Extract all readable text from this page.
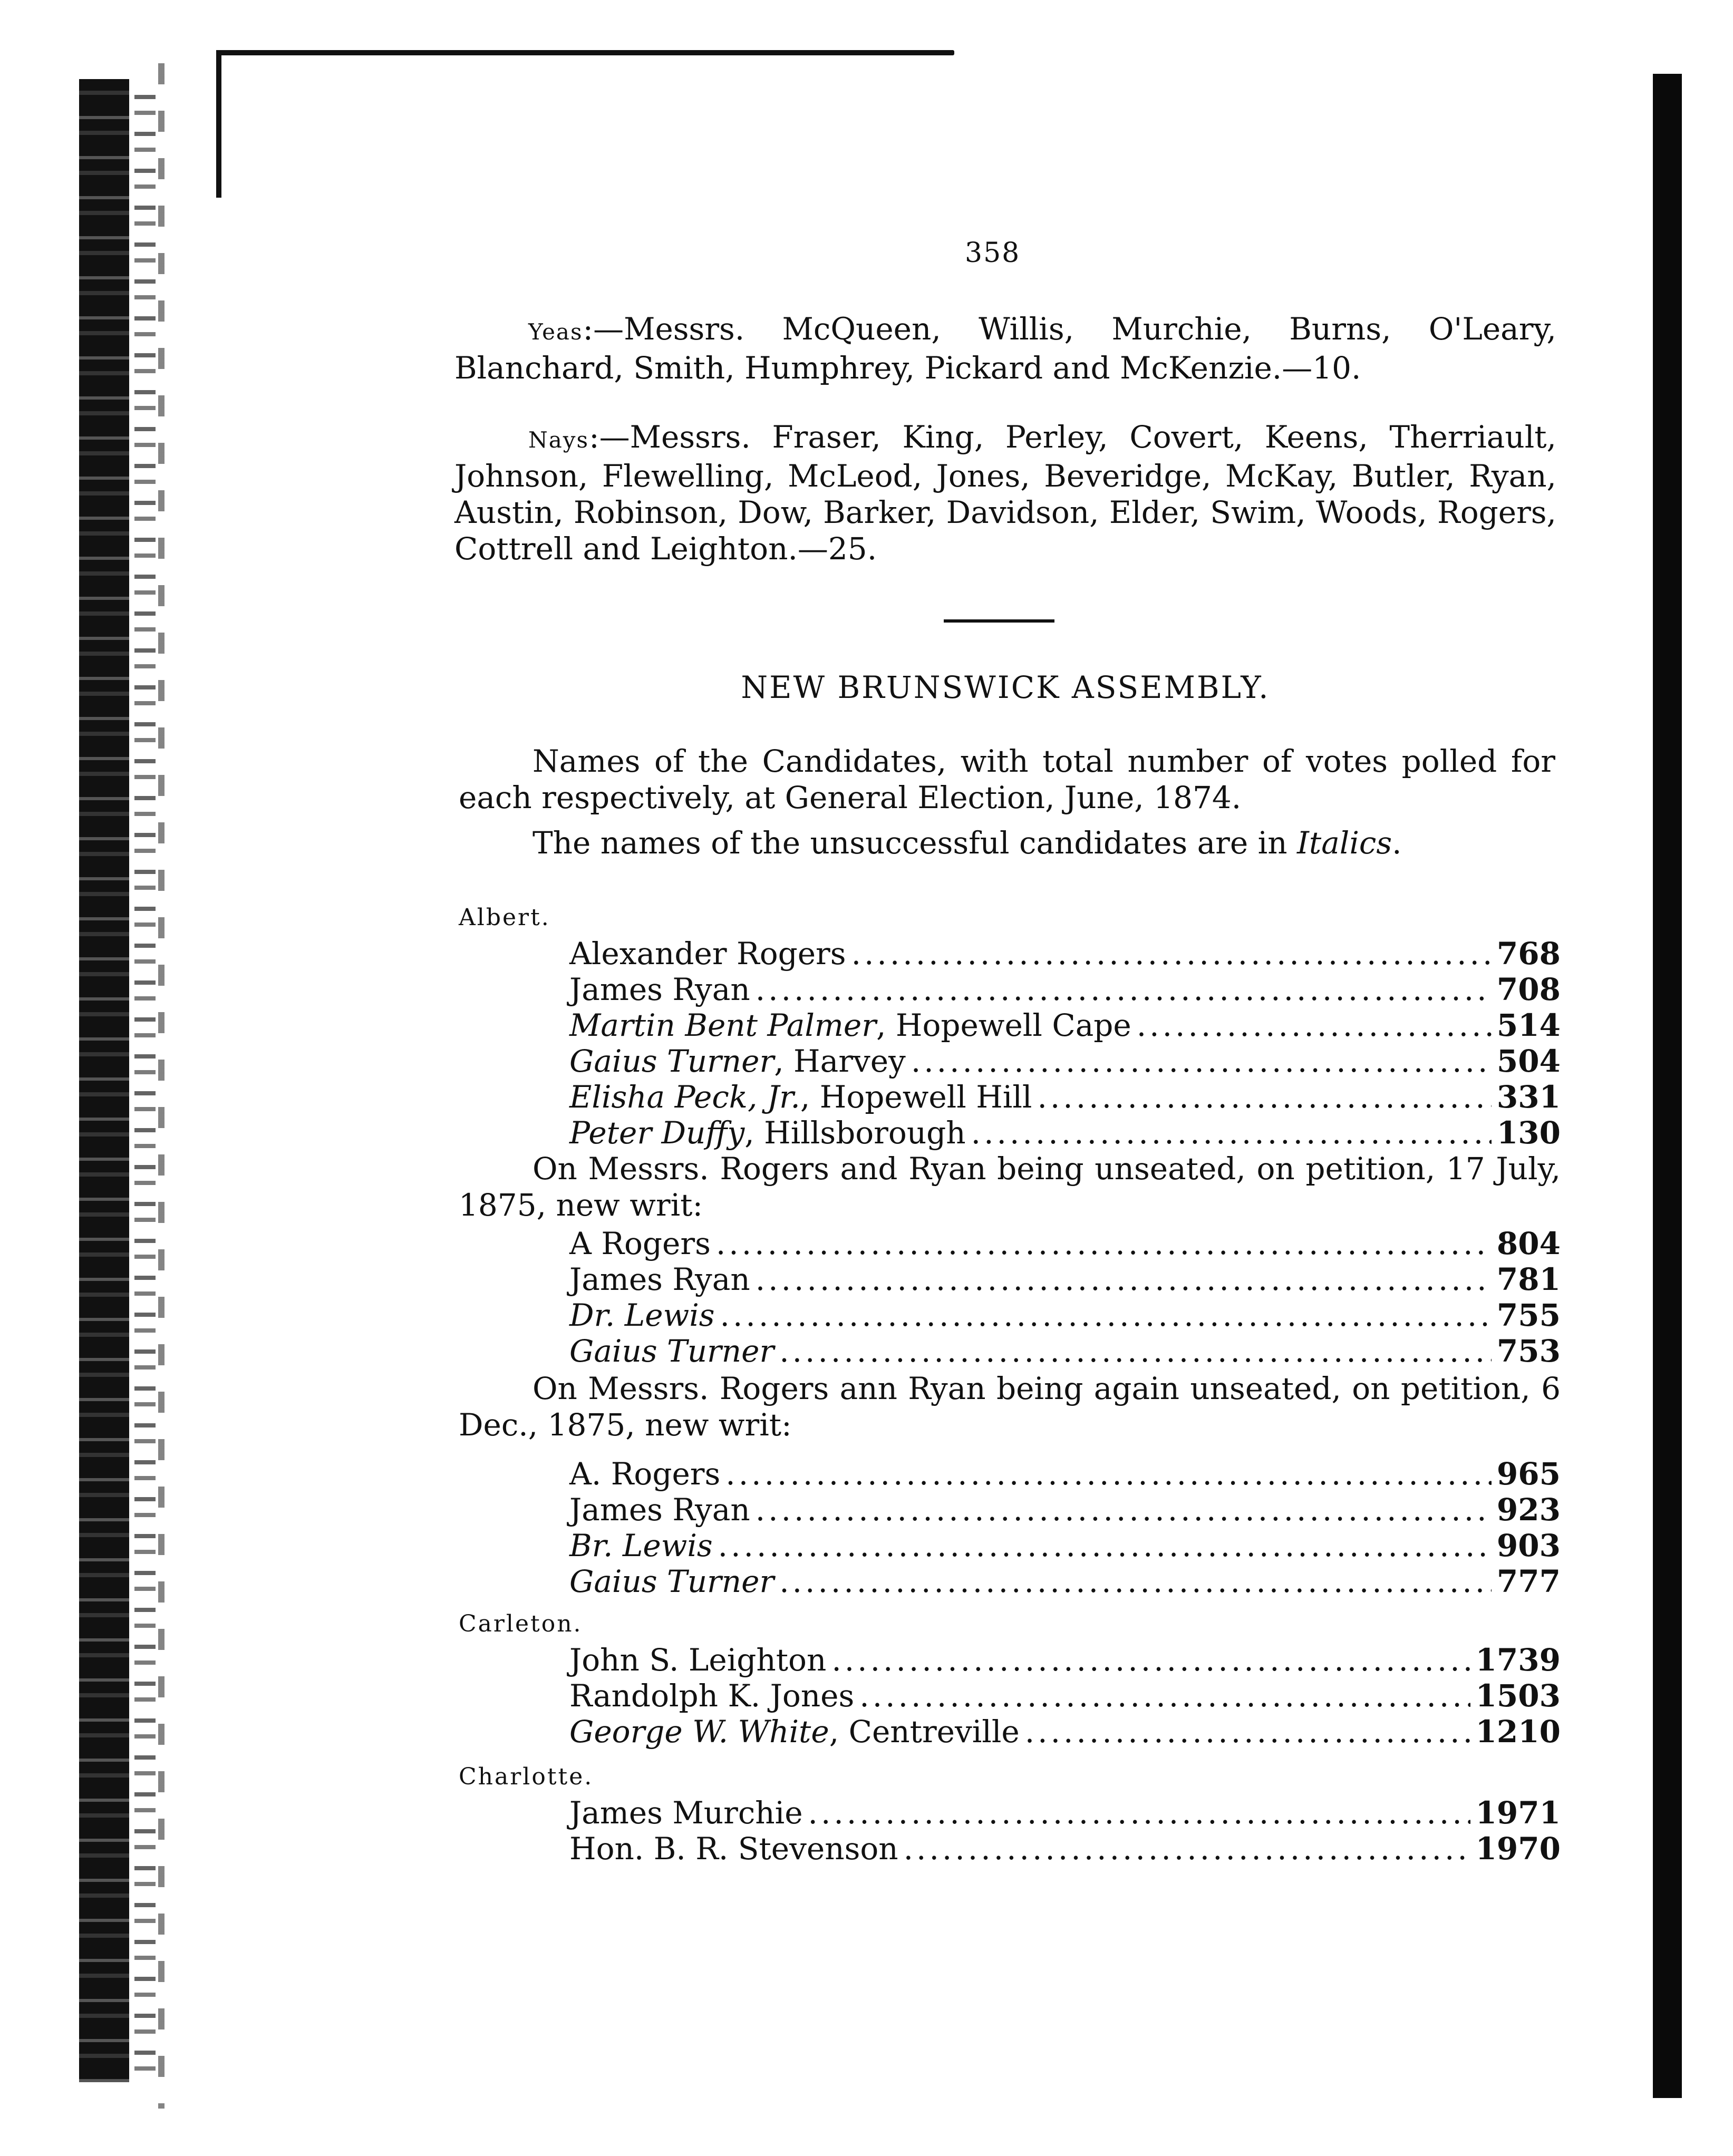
358
Yeas:—Messrs. McQueen, Willis, Murchie, Burns, O'Leary, Blanchard, Smith, Humphrey, Pickard and McKenzie.—10.
Nays:—Messrs. Fraser, King, Perley, Covert, Keens, Therriault, Johnson, Flewelling, McLeod, Jones, Beveridge, McKay, Butler, Ryan, Austin, Robinson, Dow, Barker, Davidson, Elder, Swim, Woods, Rogers, Cottrell and Leighton.—25.
NEW BRUNSWICK ASSEMBLY.
Names of the Candidates, with total number of votes polled for each respectively, at General Election, June, 1874.
The names of the unsuccessful candidates are in Italics.
Albert.
Alexander Rogers .....	768
James Ryan .....	708
Martin Bent Palmer , Hopewell Cape .....	514
Gaius Turner , Harvey .....	504
Elisha Peck, Jr. , Hopewell Hill .....	331
Peter Duffy , Hillsborough .....	130
On Messrs. Rogers and Ryan being unseated, on petition, 17 July, 1875, new writ:
A Rogers .....	804
James Ryan .....	781
Dr. Lewis .....	755
Gaius Turner .....	753
On Messrs. Rogers ann Ryan being again unseated, on petition, 6 Dec., 1875, new writ:
A. Rogers .....	965
James Ryan .....	923
Br. Lewis .....	903
Gaius Turner .....	777
Carleton.
John S. Leighton .....	1739
Randolph K. Jones .....	1503
George W. White , Centreville .....	1210
Charlotte.
James Murchie .....	1971
Hon. B. R. Stevenson .....	1970
